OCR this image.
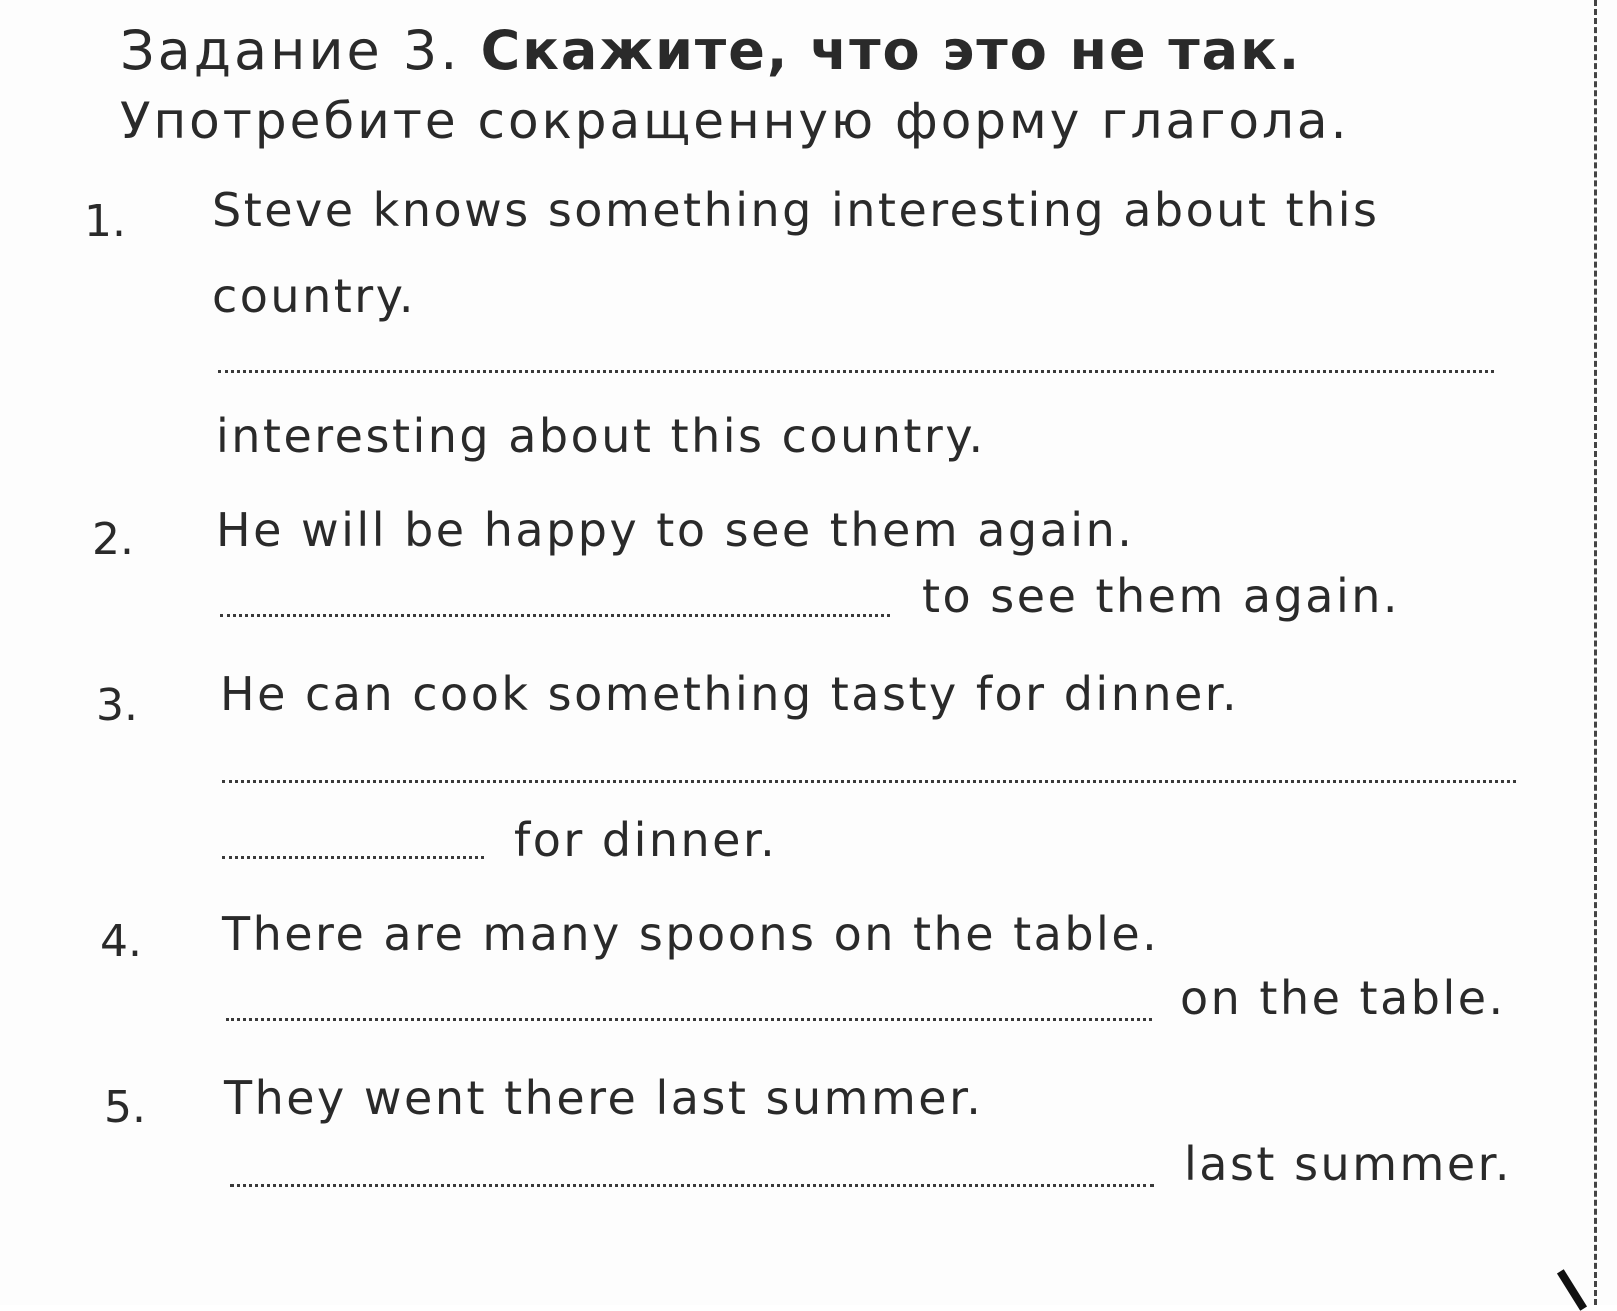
Задание 3. Скажите, что это не так.
Употребите сокращенную форму глагола.
1. Steve knows something interesting about this
country.
interesting about this country.
2. He will be happy to see them again.
to see them again.
3. He can cook something tasty for dinner.
for dinner.
4. There are many spoons on the table.
on the table.
5. They went there last summer.
last summer.
